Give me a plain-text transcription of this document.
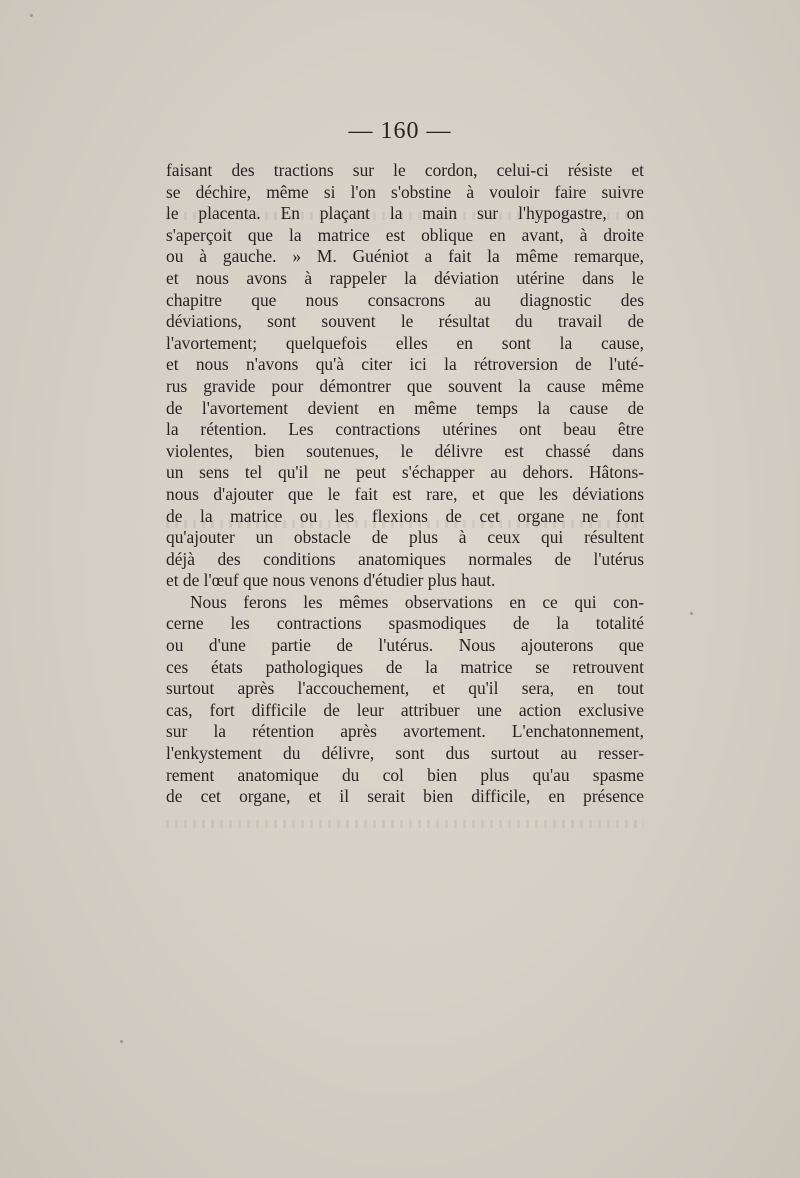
— 160 —
faisant des tractions sur le cordon, celui-ci résiste et
se déchire, même si l'on s'obstine à vouloir faire suivre
le placenta. En plaçant la main sur l'hypogastre, on
s'aperçoit que la matrice est oblique en avant, à droite
ou à gauche. » M. Guéniot a fait la même remarque,
et nous avons à rappeler la déviation utérine dans le
chapitre que nous consacrons au diagnostic des
déviations, sont souvent le résultat du travail de
l'avortement; quelquefois elles en sont la cause,
et nous n'avons qu'à citer ici la rétroversion de l'uté-
rus gravide pour démontrer que souvent la cause même
de l'avortement devient en même temps la cause de
la rétention. Les contractions utérines ont beau être
violentes, bien soutenues, le délivre est chassé dans
un sens tel qu'il ne peut s'échapper au dehors. Hâtons-
nous d'ajouter que le fait est rare, et que les déviations
de la matrice ou les flexions de cet organe ne font
qu'ajouter un obstacle de plus à ceux qui résultent
déjà des conditions anatomiques normales de l'utérus
et de l'œuf que nous venons d'étudier plus haut.
Nous ferons les mêmes observations en ce qui con-
cerne les contractions spasmodiques de la totalité
ou d'une partie de l'utérus. Nous ajouterons que
ces états pathologiques de la matrice se retrouvent
surtout après l'accouchement, et qu'il sera, en tout
cas, fort difficile de leur attribuer une action exclusive
sur la rétention après avortement. L'enchatonnement,
l'enkystement du délivre, sont dus surtout au resser-
rement anatomique du col bien plus qu'au spasme
de cet organe, et il serait bien difficile, en présence
